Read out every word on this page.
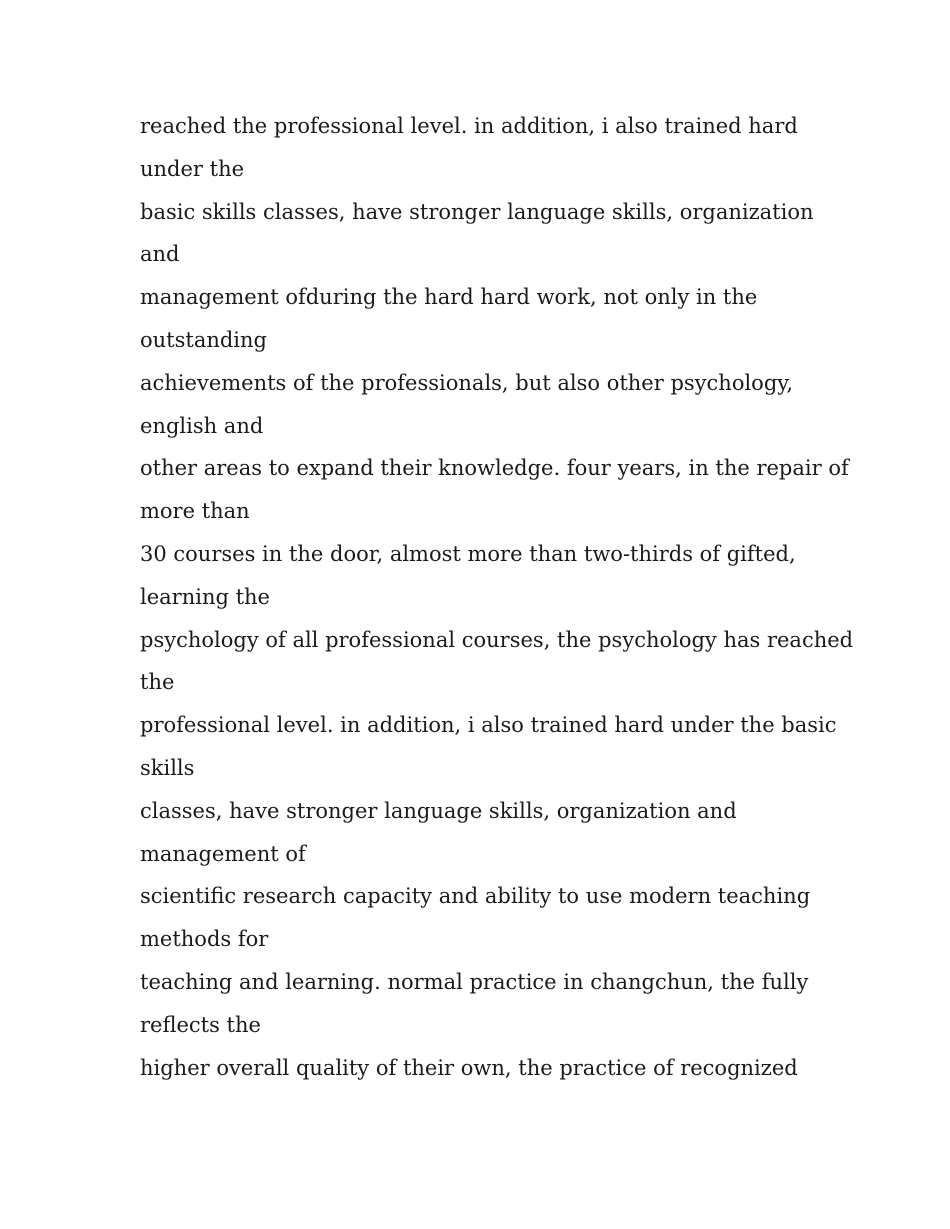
reached the professional level. in addition, i also trained hard
under the
basic skills classes, have stronger language skills, organization
and
management ofduring the hard hard work, not only in the
outstanding
achievements of the professionals, but also other psychology,
english and
other areas to expand their knowledge. four years, in the repair of
more than
30 courses in the door, almost more than two-thirds of gifted,
learning the
psychology of all professional courses, the psychology has reached
the
professional level. in addition, i also trained hard under the basic
skills
classes, have stronger language skills, organization and
management of
scientific research capacity and ability to use modern teaching
methods for
teaching and learning. normal practice in changchun, the fully
reflects the
higher overall quality of their own, the practice of recognized
